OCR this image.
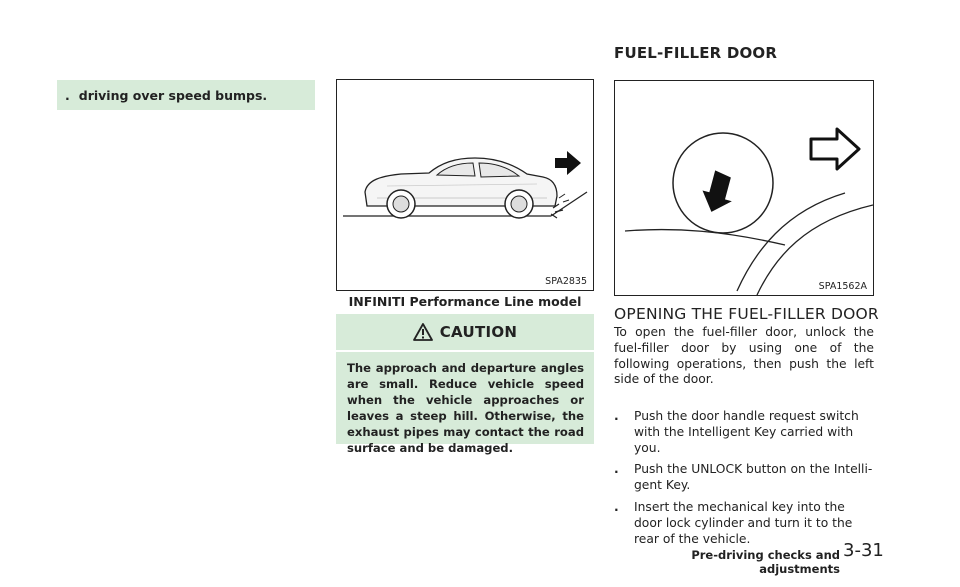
. driving over speed bumps.
SPA2835
INFINITI Performance Line model
CAUTION
The approach and departure angles are small. Reduce vehicle speed when the vehicle approaches or leaves a steep hill. Otherwise, the exhaust pipes may contact the road surface and be damaged.
FUEL-FILLER DOOR
SPA1562A
OPENING THE FUEL-FILLER DOOR

To open the fuel-filler door, unlock the fuel-filler door by using one of the following operations, then push the left side of the door.

. Push the door handle request switch with the Intelligent Key carried with you.
. Push the UNLOCK button on the Intelli-gent Key.
. Insert the mechanical key into the door lock cylinder and turn it to the rear of the vehicle.
Pre-driving checks and adjustments
3-31
